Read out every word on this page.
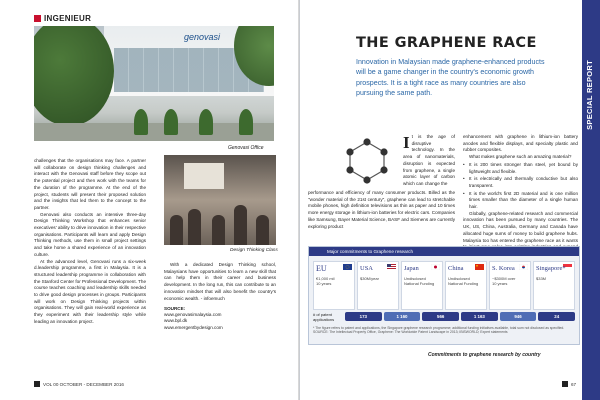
INGENIEUR
genovasi
Genovasi Office

challenges that the organisations may face. A partner will collaborate on design thinking challenges and interact with the Genovasi staff before they scope out the potential project and then work with the teams for the duration of the programme. At the end of the project, students will present their proposed solution and the insights that led them to the concept to the partner.

Genovasi also conducts an intensive three-day Design Thinking Workshop that enhances senior executives' ability to drive innovation in their respective organisations. Participants will learn and apply Design Thinking methods, use them in small project settings and take home a shared experience of an innovation culture.

At the advanced level, Genovasi runs a six-week d.leadership programme, a first in Malaysia. It is a structured leadership programme in collaboration with the Stanford Center for Professional Development. The course teaches coaching and leadership skills needed to drive good design processes in groups. Participants will work on Design Thinking projects within organisations. They will gain real-world experience as they experiment with their leadership style while leading an innovation project.

Design Thinking Class

With a dedicated Design Thinking school, Malaysians have opportunities to learn a new skill that can help them in their career and business development. In the long run, this can contribute to an innovation mindset that will also benefit the country's economic wealth. - infoemuch

SOURCE:
www.genovasimalaysia.com
www.bpl.dk
www.emergentbydesign.com
VOL 00 OCTOBER - DECEMBER 2016
THE GRAPHENE RACE
Innovation in Malaysian made graphene-enhanced products will be a game changer in the country's economic growth prospects. It is a tight race as many countries are also pursuing the same path.	SPECIAL REPORT
It is the age of disruptive technology. In the area of nanomaterials, disruption is expected from graphene, a single atomic layer of carbon which can change the

performance and efficiency of many consumer products. Billed as the "wonder material of the 21st century", graphene can lead to stretchable mobile phones, high definition televisions as thin as paper and 10 times more energy storage in lithium-ion batteries for electric cars. Companies like Samsung, Bayer Material Science, BASF and Siemens are currently exploring product

enhancement with graphene in lithium-ion battery anodes and flexible displays, and specialty plastic and rubber composites.

What makes graphene such an amazing material?

• It is 200 times stronger than steel, yet bound by lightweight and flexible.
• It is electrically and thermally conductive but also transparent.
• It is the world's first 2D material and is one million times smaller than the diameter of a single human hair.

Globally, graphene-related research and commercial innovation has been pursued by many countries. The UK, US, China, Australia, Germany and Canada have allocated huge sums of money to build graphene hubs. Malaysia too has entered the graphene race as it wants

Major commitments to Graphene research
EU
€1,000 mil
10 years
USA
$30M/year
Japan
Undisclosed
National Funding
China
Undisclosed
National Funding
S. Korea
~$300M over
10 years
Singapore*
$33M
# of patent applications
173	1 160	566	1 163	946	24
* The figure refers to patent and applications, the Singapore graphene research programme; additional funding initiatives available, total sum not disclosed as specified. SOURCE: The Intellectual Property Office, Graphene: The Worldwide Patent Landscape in 2013; IBISWORLD; Expert statements
Commitments to graphene research by country
67
